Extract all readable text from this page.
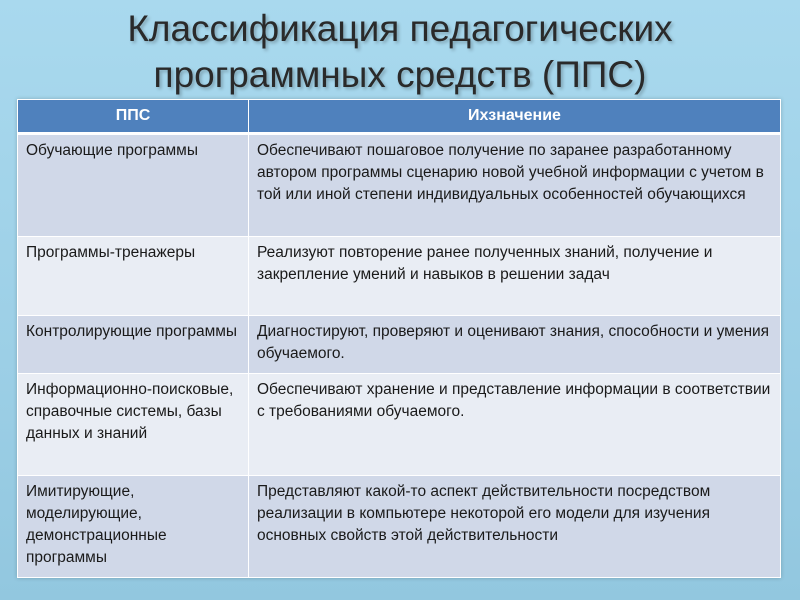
Классификация педагогических
программных средств (ППС)
ППС	Ихзначение
Обучающие программы	Обеспечивают пошаговое получение по заранее разработанному автором программы сценарию новой учебной информации с учетом в той или иной степени индивидуальных особенностей обучающихся
Программы-тренажеры	Реализуют повторение ранее полученных знаний, получение и закрепление умений и навыков в решении задач
Контролирующие программы	Диагностируют, проверяют и оценивают знания, способности и умения обучаемого.
Информационно-поисковые, справочные системы, базы данных и знаний	Обеспечивают хранение и представление информации в соответствии с требованиями обучаемого.
Имитирующие, моделирующие, демонстрационные программы	Представляют какой-то аспект действительности посредством реализации в компьютере некоторой его модели для изучения основных свойств этой действительности
